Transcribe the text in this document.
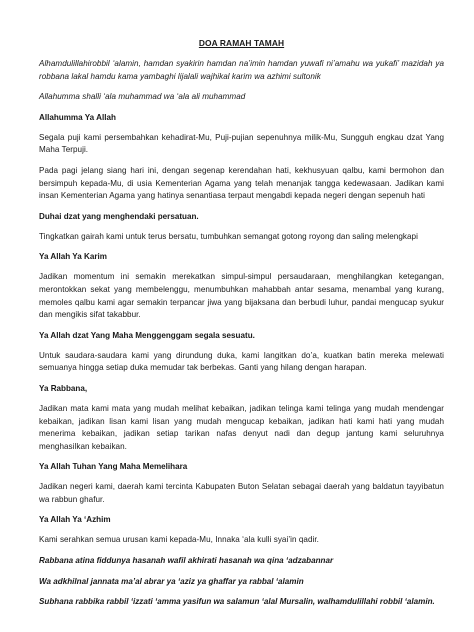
DOA RAMAH TAMAH
Alhamdulillahirobbil ‘alamin, hamdan syakirin hamdan na’imin hamdan yuwafi ni’amahu wa yukafi’ mazidah ya robbana lakal hamdu kama yambaghi lijalali wajhikal karim wa azhimi sultonik
Allahumma shalli ‘ala muhammad wa ‘ala ali muhammad
Allahumma Ya Allah
Segala puji kami persembahkan kehadirat-Mu, Puji-pujian sepenuhnya milik-Mu, Sungguh engkau dzat Yang Maha Terpuji.
Pada pagi jelang siang hari ini, dengan segenap kerendahan hati, kekhusyuan qalbu, kami bermohon dan bersimpuh kepada-Mu, di usia Kementerian Agama yang telah menanjak tangga kedewasaan. Jadikan kami insan Kementerian Agama yang hatinya senantiasa terpaut mengabdi kepada negeri dengan sepenuh hati
Duhai dzat yang menghendaki persatuan.
Tingkatkan gairah kami untuk terus bersatu, tumbuhkan semangat gotong royong dan saling melengkapi
Ya Allah Ya Karim
Jadikan momentum ini semakin merekatkan simpul-simpul persaudaraan, menghilangkan ketegangan, merontokkan sekat yang membelenggu, menumbuhkan mahabbah antar sesama, menambal yang kurang, memoles qalbu kami agar semakin terpancar jiwa yang bijaksana dan berbudi luhur, pandai mengucap syukur dan mengikis sifat takabbur.
Ya Allah dzat Yang Maha Menggenggam segala sesuatu.
Untuk saudara-saudara kami yang dirundung duka, kami langitkan do’a, kuatkan batin mereka melewati semuanya hingga setiap duka memudar tak berbekas. Ganti yang hilang dengan harapan.
Ya Rabbana,
Jadikan mata kami mata yang mudah melihat kebaikan, jadikan telinga kami telinga yang mudah mendengar kebaikan, jadikan lisan kami lisan yang mudah mengucap kebaikan, jadikan hati kami hati yang mudah menerima kebaikan, jadikan setiap tarikan nafas denyut nadi dan degup jantung kami seluruhnya menghasilkan kebaikan.
Ya Allah Tuhan Yang Maha Memelihara
Jadikan negeri kami, daerah kami tercinta Kabupaten Buton Selatan sebagai daerah yang baldatun tayyibatun wa rabbun ghafur.
Ya Allah Ya ‘Azhim
Kami serahkan semua urusan kami kepada-Mu, Innaka ‘ala kulli syai’in qadir.
Rabbana atina fiddunya hasanah wafil akhirati hasanah wa qina ‘adzabannar
Wa adkhilnal jannata ma’al abrar ya ‘aziz ya ghaffar ya rabbal ‘alamin
Subhana rabbika rabbil ‘izzati ‘amma yasifun wa salamun ‘alal Mursalin, walhamdulillahi robbil ‘alamin.
